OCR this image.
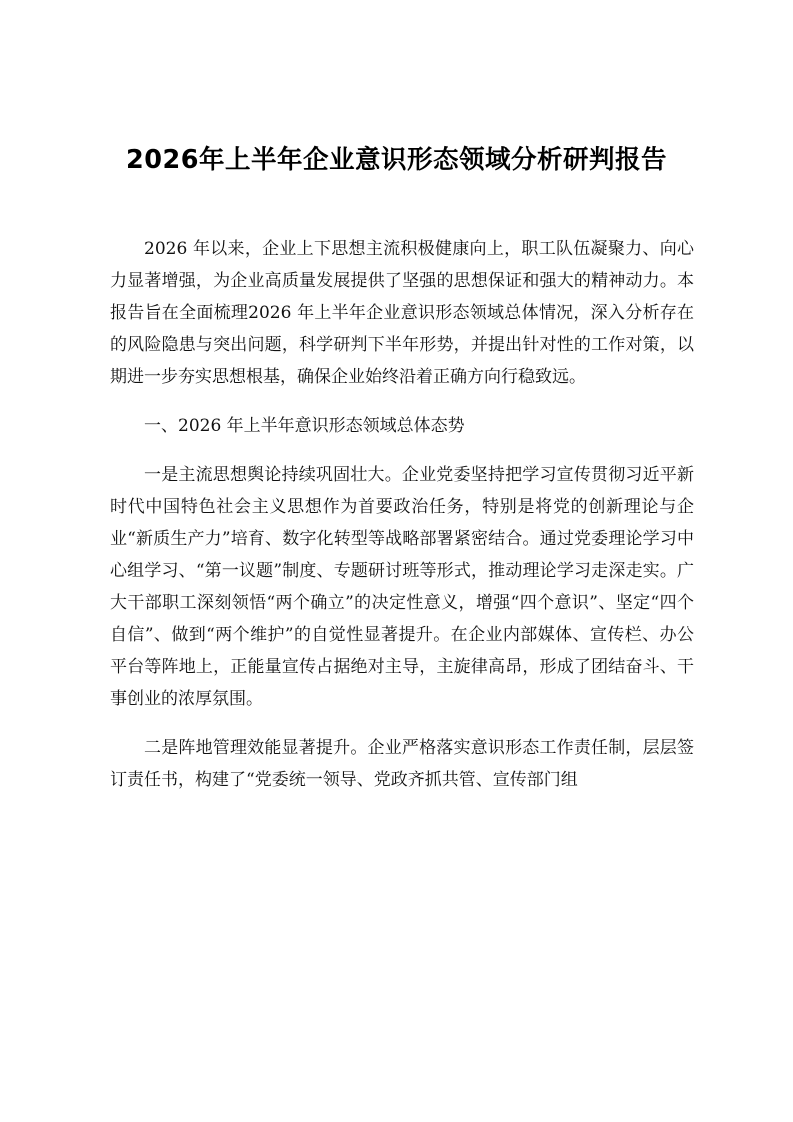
2026年上半年企业意识形态领域分析研判报告

2026 年以来，企业上下思想主流积极健康向上，职工队伍凝聚力、向心力显著增强，为企业高质量发展提供了坚强的思想保证和强大的精神动力。本报告旨在全面梳理2026 年上半年企业意识形态领域总体情况，深入分析存在的风险隐患与突出问题，科学研判下半年形势，并提出针对性的工作对策，以期进一步夯实思想根基，确保企业始终沿着正确方向行稳致远。

一、2026 年上半年意识形态领域总体态势

一是主流思想舆论持续巩固壮大。企业党委坚持把学习宣传贯彻习近平新时代中国特色社会主义思想作为首要政治任务，特别是将党的创新理论与企业“新质生产力”培育、数字化转型等战略部署紧密结合。通过党委理论学习中心组学习、“第一议题”制度、专题研讨班等形式，推动理论学习走深走实。广大干部职工深刻领悟“两个确立”的决定性意义，增强“四个意识”、坚定“四个自信”、做到“两个维护”的自觉性显著提升。在企业内部媒体、宣传栏、办公平台等阵地上，正能量宣传占据绝对主导，主旋律高昂，形成了团结奋斗、干事创业的浓厚氛围。

二是阵地管理效能显著提升。企业严格落实意识形态工作责任制，层层签订责任书，构建了“党委统一领导、党政齐抓共管、宣传部门组
